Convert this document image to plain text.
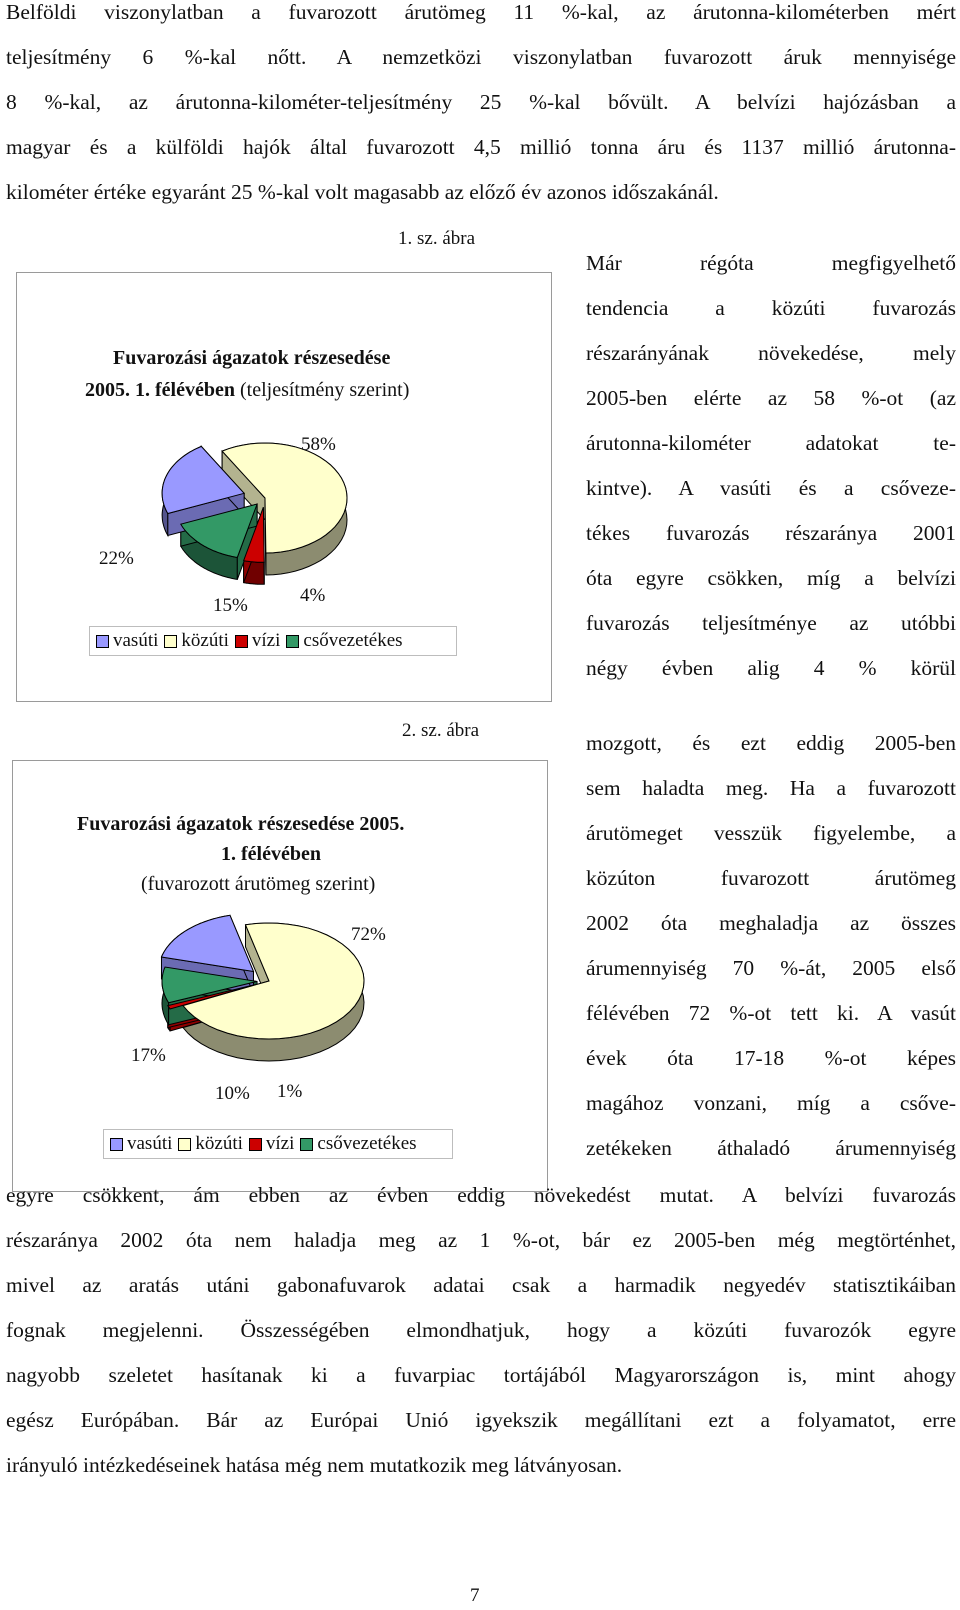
Belföldi viszonylatban a fuvarozott árutömeg 11 %-kal, az árutonna-kilométerben mért
teljesítmény 6 %-kal nőtt. A nemzetközi viszonylatban fuvarozott áruk mennyisége
8 %-kal, az árutonna-kilométer-teljesítmény 25 %-kal bővült. A belvízi hajózásban a
magyar és a külföldi hajók által fuvarozott 4,5 millió tonna áru és 1137 millió árutonna-
kilométer értéke egyaránt 25 %-kal volt magasabb az előző év azonos időszakánál.
Már régóta megfigyelhető
tendencia a közúti fuvarozás
részarányának növekedése, mely
2005-ben elérte az 58 %-ot (az
árutonna-kilométer adatokat te-
kintve). A vasúti és a csőveze-
tékes fuvarozás részaránya 2001
óta egyre csökken, míg a belvízi
fuvarozás teljesítménye az utóbbi
négy évben alig 4 % körül
mozgott, és ezt eddig 2005-ben
sem haladta meg. Ha a fuvarozott
árutömeget vesszük figyelembe, a
közúton fuvarozott árutömeg
2002 óta meghaladja az összes
árumennyiség 70 %-át, 2005 első
félévében 72 %-ot tett ki. A vasút
évek óta 17-18 %-ot képes
magához vonzani, míg a csőve-
zetékeken áthaladó árumennyiség
1. sz. ábra
Fuvarozási ágazatok részesedése
2005. 1. félévében (teljesítmény szerint)
58%
22%
15%	4%
vasúti közúti vízi csővezetékes
2. sz. ábra
Fuvarozási ágazatok részesedése 2005.
1. félévében
(fuvarozott árutömeg szerint)
72%
17%
10% 1%
vasúti közúti vízi csővezetékes
egyre csökkent, ám ebben az évben eddig növekedést mutat. A belvízi fuvarozás
részaránya 2002 óta nem haladja meg az 1 %-ot, bár ez 2005-ben még megtörténhet,
mivel az aratás utáni gabonafuvarok adatai csak a harmadik negyedév statisztikáiban
fognak megjelenni. Összességében elmondhatjuk, hogy a közúti fuvarozók egyre
nagyobb szeletet hasítanak ki a fuvarpiac tortájából Magyarországon is, mint ahogy
egész Európában. Bár az Európai Unió igyekszik megállítani ezt a folyamatot, erre
irányuló intézkedéseinek hatása még nem mutatkozik meg látványosan.
7
